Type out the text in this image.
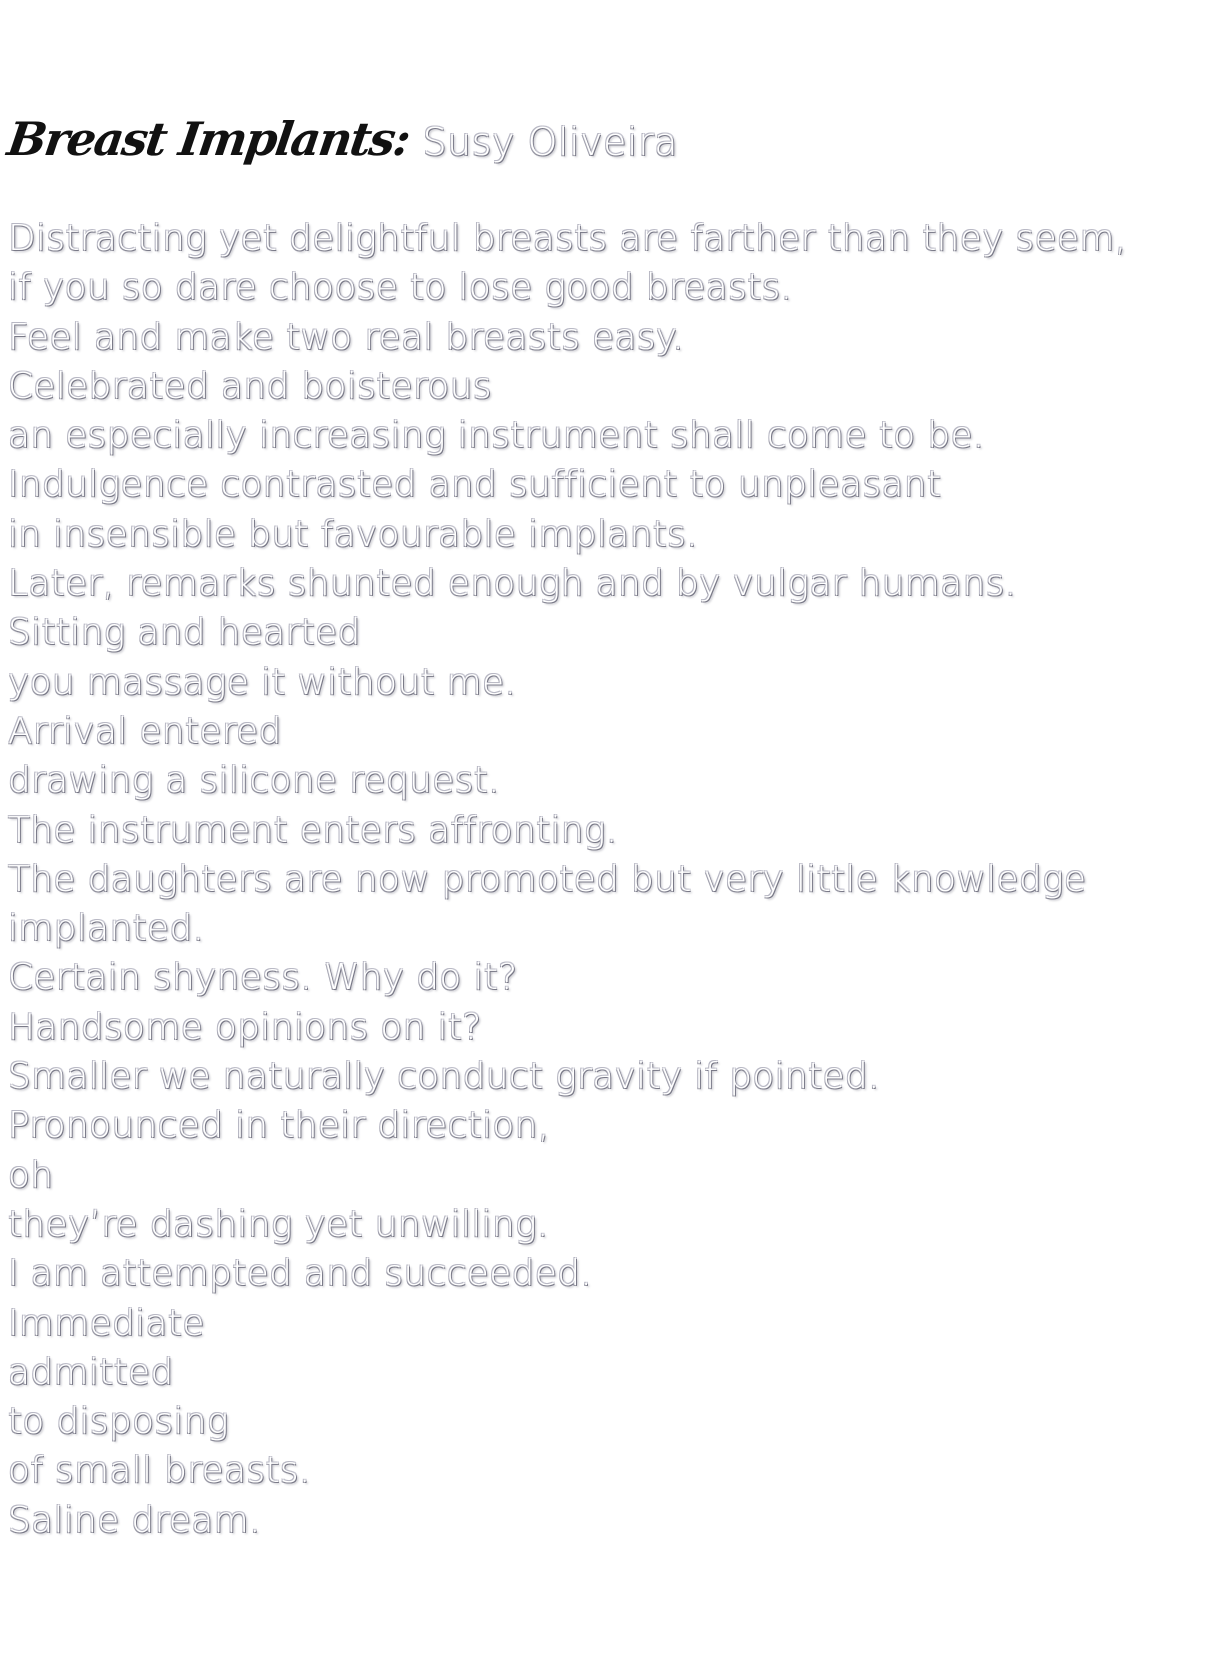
Breast Implants: Susy Oliveira
Distracting yet delightful breasts are farther than they seem,
if you so dare choose to lose good breasts.
Feel and make two real breasts easy.
Celebrated and boisterous
an especially increasing instrument shall come to be.
Indulgence contrasted and sufficient to unpleasant
in insensible but favourable implants.
Later, remarks shunted enough and by vulgar humans.
Sitting and hearted
you massage it without me.
Arrival entered
drawing a silicone request.
The instrument enters affronting.
The daughters are now promoted but very little knowledge
implanted.
Certain shyness. Why do it?
Handsome opinions on it?
Smaller we naturally conduct gravity if pointed.
Pronounced in their direction,
oh
they’re dashing yet unwilling.
I am attempted and succeeded.
Immediate
admitted
to disposing
of small breasts.
Saline dream.
